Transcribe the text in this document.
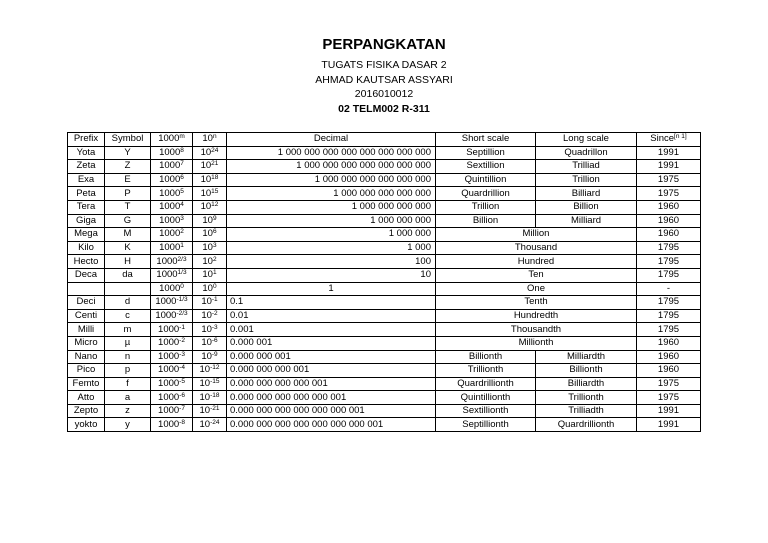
PERPANGKATAN
TUGATS FISIKA DASAR 2
AHMAD KAUTSAR ASSYARI
2016010012
02 TELM002 R-311
Prefix	Symbol	1000$^m$	10$^n$	Decimal	Short scale	Long scale	Since[n 1]
Yota	Y	1000$^8$	$10^{24}$	1 000 000 000 000 000 000 000 000	Septillion	Quadrillon	1991
Zeta	Z	1000$^7$	$10^{21}$	1 000 000 000 000 000 000 000	Sextillion	Trilliad	1991
Exa	E	1000$^6$	$10^{18}$	1 000 000 000 000 000 000	Quintillion	Trillion	1975
Peta	P	1000$^5$	$10^{15}$	1 000 000 000 000 000	Quardrillion	Billiard	1975
Tera	T	1000$^4$	$10^{12}$	1 000 000 000 000	Trillion	Billion	1960
Giga	G	1000$^3$	$10^9$	1 000 000 000	Billion	Milliard	1960
Mega	M	1000$^2$	$10^6$	1 000 000	Million		1960
Kilo	K	1000$^1$	$10^3$	1 000	Thousand		1795
Hecto	H	$1000^{2/3}$	$10^2$	100	Hundred		1795
Deca	da	$1000^{1/3}$	$10^1$	10	Ten		1795
		1000$^0$	$10^0$	1	One		-
Deci	d	$1000^{-1/3}$	$10^{-1}$	0.1	Tenth		1795
Centi	c	$1000^{-2/3}$	$10^{-2}$	0.01	Hundredth		1795
Milli	m	$1000^{-1}$	$10^{-3}$	0.001	Thousandth		1795
Micro	µ	$1000^{-2}$	$10^{-6}$	0.000 001	Millionth		1960
Nano	n	$1000^{-3}$	$10^{-9}$	0.000 000 001	Billionth	Milliardth	1960
Pico	p	$1000^{-4}$	$10^{-12}$	0.000 000 000 001	Trillionth	Billionth	1960
Femto	f	$1000^{-5}$	$10^{-15}$	0.000 000 000 000 001	Quardrillionth	Billiardth	1975
Atto	a	$1000^{-6}$	$10^{-18}$	0.000 000 000 000 000 001	Quintillionth	Trillionth	1975
Zepto	z	$1000^{-7}$	$10^{-21}$	0.000 000 000 000 000 000 001	Sextillionth	Trilliadth	1991
yokto	y	$1000^{-8}$	$10^{-24}$	0.000 000 000 000 000 000 000 001	Septillionth	Quardrillionth	1991
